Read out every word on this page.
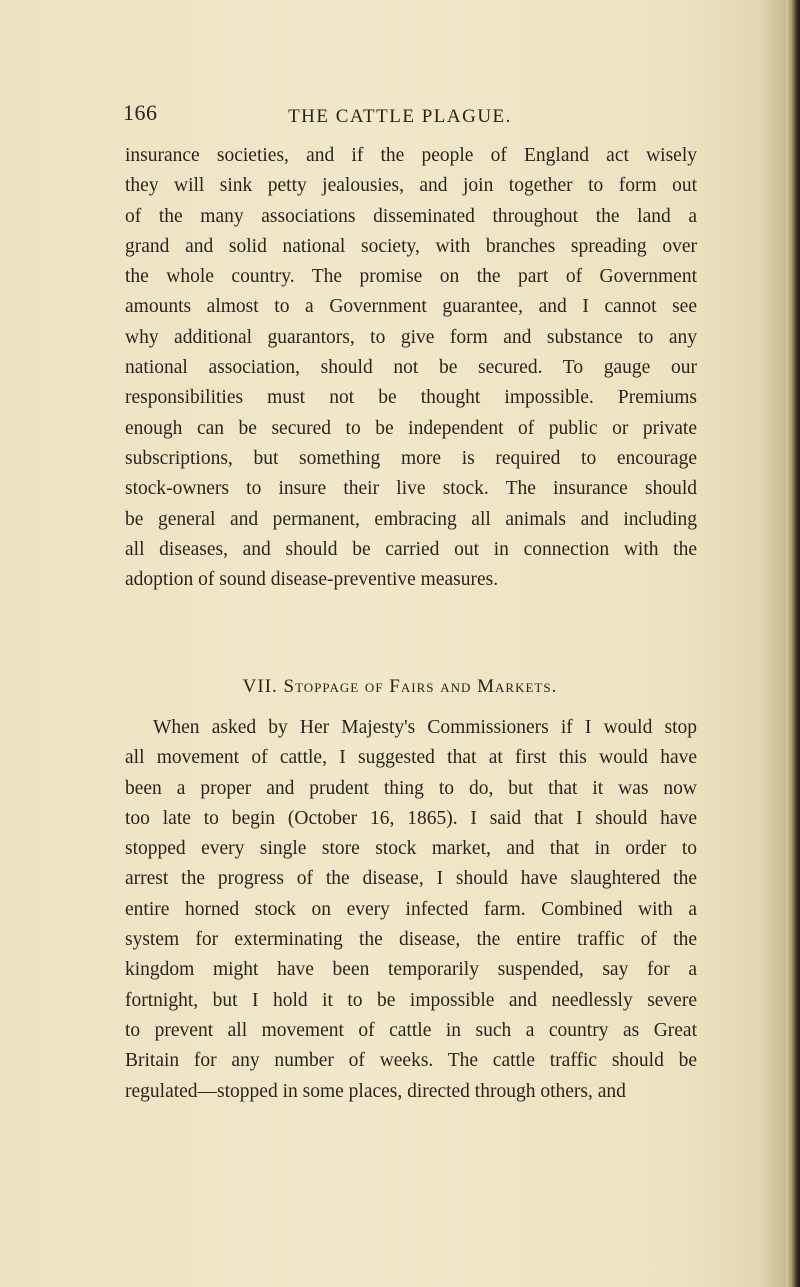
166	THE CATTLE PLAGUE.

insurance societies, and if the people of England act wisely
they will sink petty jealousies, and join together to form out
of the many associations disseminated throughout the land a
grand and solid national society, with branches spreading over
the whole country. The promise on the part of Government
amounts almost to a Government guarantee, and I cannot see
why additional guarantors, to give form and substance to any
national association, should not be secured. To gauge our
responsibilities must not be thought impossible. Premiums
enough can be secured to be independent of public or private
subscriptions, but something more is required to encourage
stock-owners to insure their live stock. The insurance should
be general and permanent, embracing all animals and including
all diseases, and should be carried out in connection with the
adoption of sound disease-preventive measures.

VII. Stoppage of Fairs and Markets.

When asked by Her Majesty's Commissioners if I would stop
all movement of cattle, I suggested that at first this would have
been a proper and prudent thing to do, but that it was now
too late to begin (October 16, 1865). I said that I should have
stopped every single store stock market, and that in order to
arrest the progress of the disease, I should have slaughtered the
entire horned stock on every infected farm. Combined with a
system for exterminating the disease, the entire traffic of the
kingdom might have been temporarily suspended, say for a
fortnight, but I hold it to be impossible and needlessly severe
to prevent all movement of cattle in such a country as Great
Britain for any number of weeks. The cattle traffic should be
regulated—stopped in some places, directed through others, and
